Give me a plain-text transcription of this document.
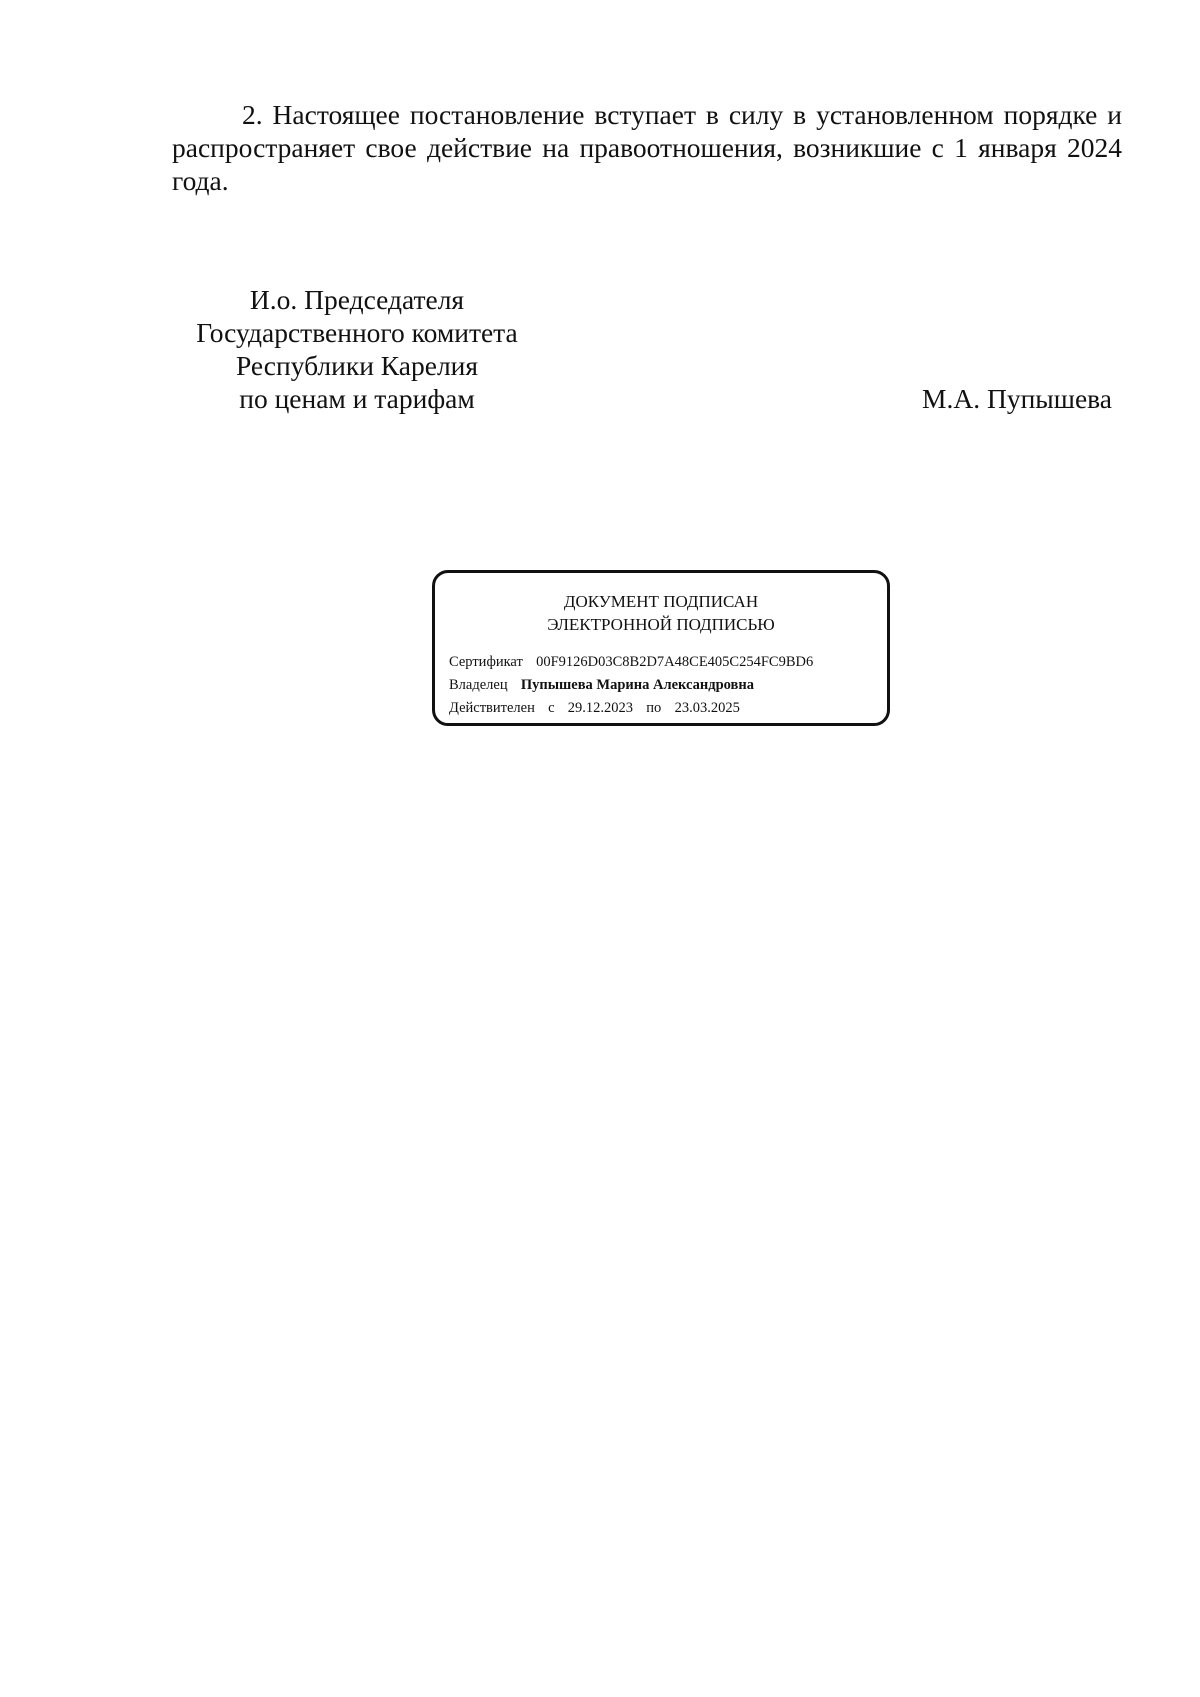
2. Настоящее постановление вступает в силу в установленном порядке и распространяет свое действие на правоотношения, возникшие с 1 января 2024 года.

И.о. Председателя
Государственного комитета
Республики Карелия
по ценам и тарифам	М.А. Пупышева
ДОКУМЕНТ ПОДПИСАН
ЭЛЕКТРОННОЙ ПОДПИСЬЮ
Сертификат 00F9126D03C8B2D7A48CE405C254FC9BD6
Владелец Пупышева Марина Александровна
Действителен с 29.12.2023 по 23.03.2025
